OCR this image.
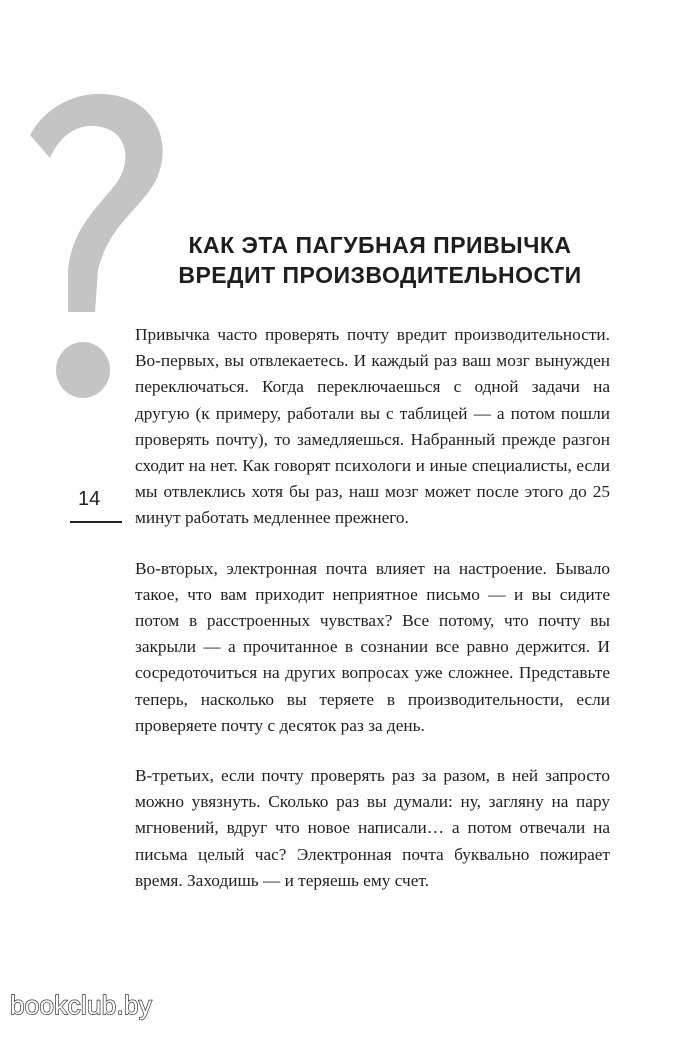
КАК ЭТА ПАГУБНАЯ ПРИВЫЧКА
ВРЕДИТ ПРОИЗВОДИТЕЛЬНОСТИ
14

Привычка часто проверять почту вредит производительности. Во-первых, вы отвлекаетесь. И каждый раз ваш мозг вынужден переключаться. Когда переключаешься с одной задачи на другую (к примеру, работали вы с таблицей — а потом пошли проверять почту), то замедляешься. Набранный прежде разгон сходит на нет. Как говорят психологи и иные специалисты, если мы отвлеклись хотя бы раз, наш мозг может после этого до 25 минут работать медленнее прежнего.

Во-вторых, электронная почта влияет на настроение. Бывало такое, что вам приходит неприятное письмо — и вы сидите потом в расстроенных чувствах? Все потому, что почту вы закрыли — а прочитанное в сознании все равно держится. И сосредоточиться на других вопросах уже сложнее. Представьте теперь, насколько вы теряете в производительности, если проверяете почту с десяток раз за день.

В-третьих, если почту проверять раз за разом, в ней запросто можно увязнуть. Сколько раз вы думали: ну, загляну на пару мгновений, вдруг что новое написали… а потом отвечали на письма целый час? Электронная почта буквально пожирает время. Заходишь — и теряешь ему счет.

bookclub.by
